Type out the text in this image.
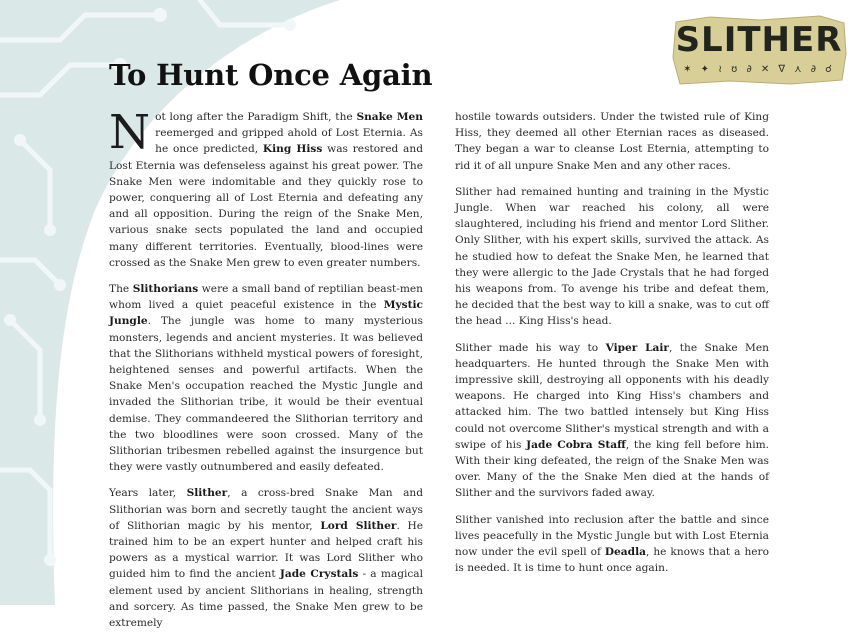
SLITHER
✶ ✦ ≀ ʊ ∂ ✕ ∇ ⋏ ∂ ☌
To Hunt Once Again

Not long after the Paradigm Shift, the Snake Men reemerged and gripped ahold of Lost Eternia. As he once predicted, King Hiss was restored and Lost Eternia was defenseless against his great power. The Snake Men were indomitable and they quickly rose to power, conquering all of Lost Eternia and defeating any and all opposition. During the reign of the Snake Men, various snake sects populated the land and occupied many different territories. Eventually, blood-lines were crossed as the Snake Men grew to even greater numbers.

The Slithorians were a small band of reptilian beast-men whom lived a quiet peaceful existence in the Mystic Jungle. The jungle was home to many mysterious monsters, legends and ancient mysteries. It was believed that the Slithorians withheld mystical powers of foresight, heightened senses and powerful artifacts. When the Snake Men's occupation reached the Mystic Jungle and invaded the Slithorian tribe, it would be their eventual demise. They commandeered the Slithorian territory and the two bloodlines were soon crossed. Many of the Slithorian tribesmen rebelled against the insurgence but they were vastly outnumbered and easily defeated.

Years later, Slither, a cross-bred Snake Man and Slithorian was born and secretly taught the ancient ways of Slithorian magic by his mentor, Lord Slither. He trained him to be an expert hunter and helped craft his powers as a mystical warrior. It was Lord Slither who guided him to find the ancient Jade Crystals - a magical element used by ancient Slithorians in healing, strength and sorcery. As time passed, the Snake Men grew to be extremely

hostile towards outsiders. Under the twisted rule of King Hiss, they deemed all other Eternian races as diseased. They began a war to cleanse Lost Eternia, attempting to rid it of all unpure Snake Men and any other races.

Slither had remained hunting and training in the Mystic Jungle. When war reached his colony, all were slaughtered, including his friend and mentor Lord Slither. Only Slither, with his expert skills, survived the attack. As he studied how to defeat the Snake Men, he learned that they were allergic to the Jade Crystals that he had forged his weapons from. To avenge his tribe and defeat them, he decided that the best way to kill a snake, was to cut off the head ... King Hiss's head.

Slither made his way to Viper Lair, the Snake Men headquarters. He hunted through the Snake Men with impressive skill, destroying all opponents with his deadly weapons. He charged into King Hiss's chambers and attacked him. The two battled intensely but King Hiss could not overcome Slither's mystical strength and with a swipe of his Jade Cobra Staff, the king fell before him. With their king defeated, the reign of the Snake Men was over. Many of the the Snake Men died at the hands of Slither and the survivors faded away.

Slither vanished into reclusion after the battle and since lives peacefully in the Mystic Jungle but with Lost Eternia now under the evil spell of Deadla, he knows that a hero is needed. It is time to hunt once again.
